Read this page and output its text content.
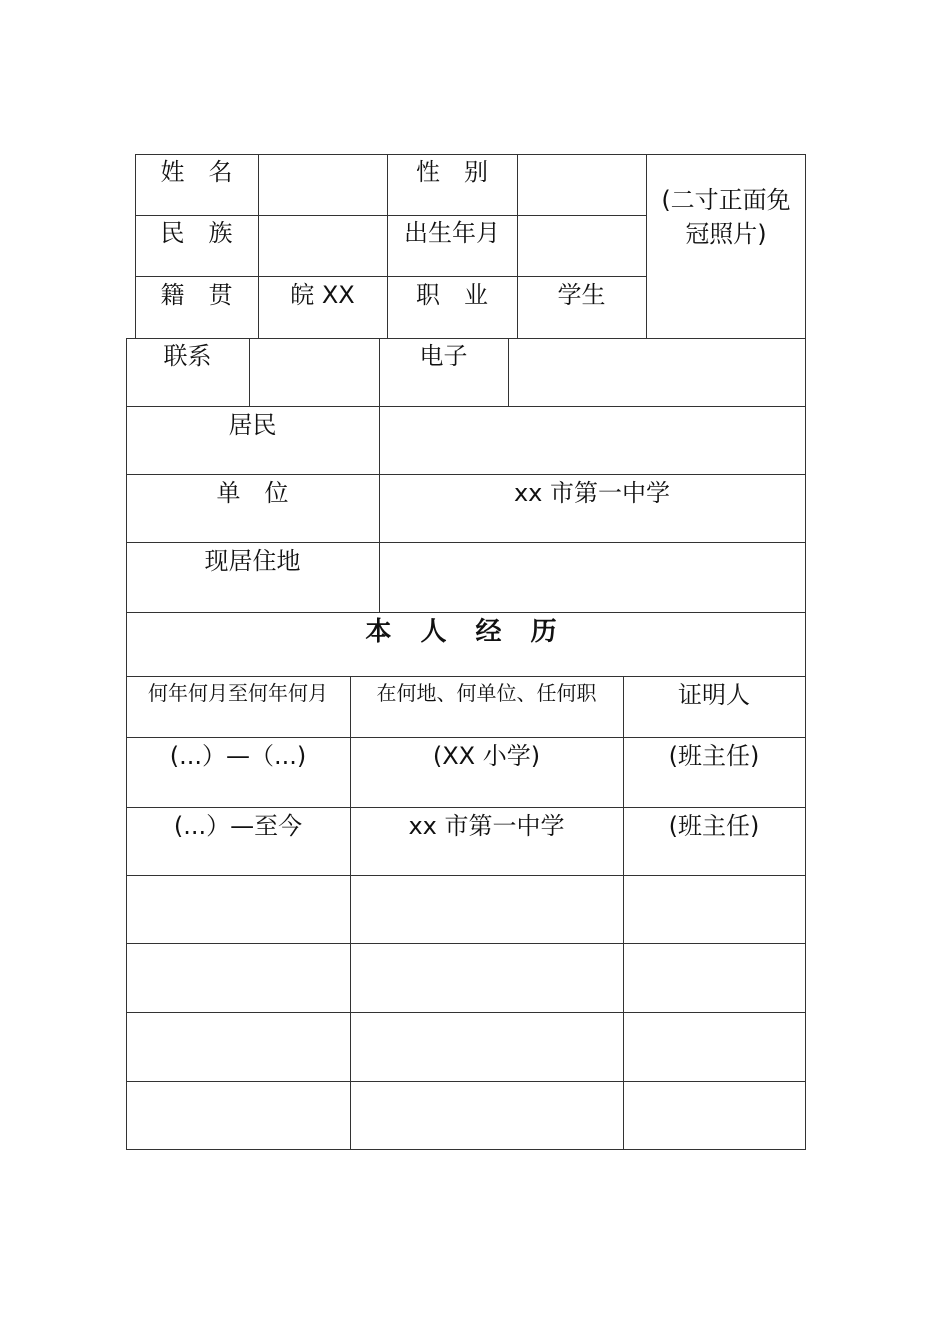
姓　名	性　别
民　族	出生年月
籍　贯	皖 XX	职　业	学生
(二寸正面免冠照片)
联系	电子
居民
单　位	xx 市第一中学
现居住地
本 人 经 历
何年何月至何年何月	在何地、何单位、任何职	证明人
(...）—（...)	(XX 小学)	(班主任)
(...）—至今	xx 市第一中学	(班主任)
